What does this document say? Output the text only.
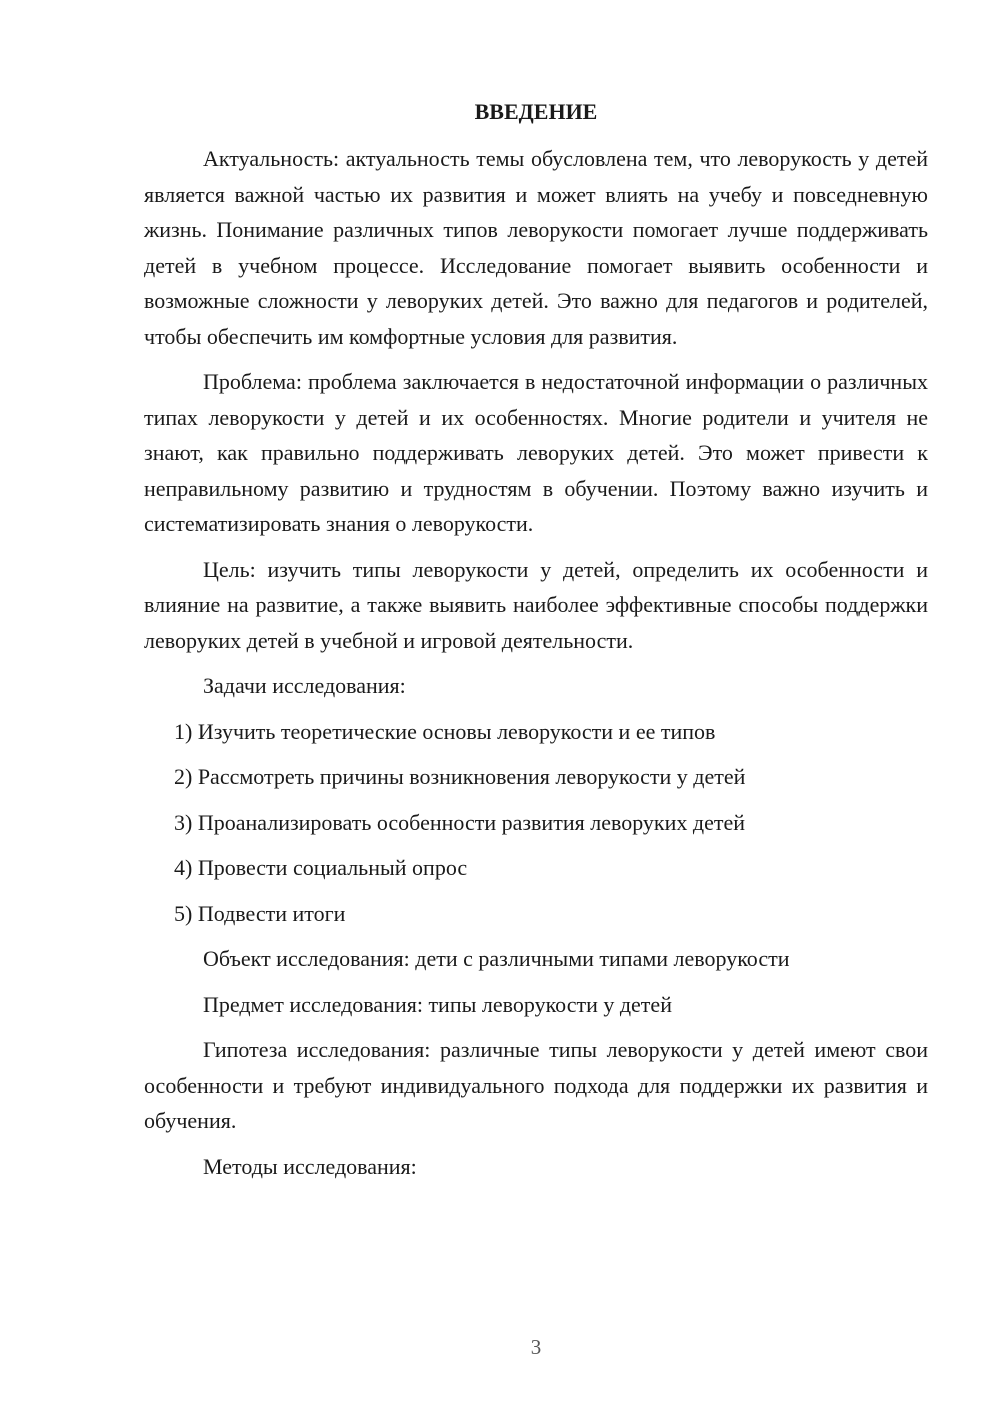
ВВЕДЕНИЕ

Актуальность: актуальность темы обусловлена тем, что леворукость у детей является важной частью их развития и может влиять на учебу и повседневную жизнь. Понимание различных типов леворукости помогает лучше поддерживать детей в учебном процессе. Исследование помогает выявить особенности и возможные сложности у леворуких детей. Это важно для педагогов и родителей, чтобы обеспечить им комфортные условия для развития.

Проблема: проблема заключается в недостаточной информации о различных типах леворукости у детей и их особенностях. Многие родители и учителя не знают, как правильно поддерживать леворуких детей. Это может привести к неправильному развитию и трудностям в обучении. Поэтому важно изучить и систематизировать знания о леворукости.

Цель: изучить типы леворукости у детей, определить их особенности и влияние на развитие, а также выявить наиболее эффективные способы поддержки леворуких детей в учебной и игровой деятельности.

Задачи исследования:

1) Изучить теоретические основы леворукости и ее типов
2) Рассмотреть причины возникновения леворукости у детей
3) Проанализировать особенности развития леворуких детей
4) Провести социальный опрос
5) Подвести итоги

Объект исследования: дети с различными типами леворукости

Предмет исследования: типы леворукости у детей

Гипотеза исследования: различные типы леворукости у детей имеют свои особенности и требуют индивидуального подхода для поддержки их развития и обучения.

Методы исследования:

3
